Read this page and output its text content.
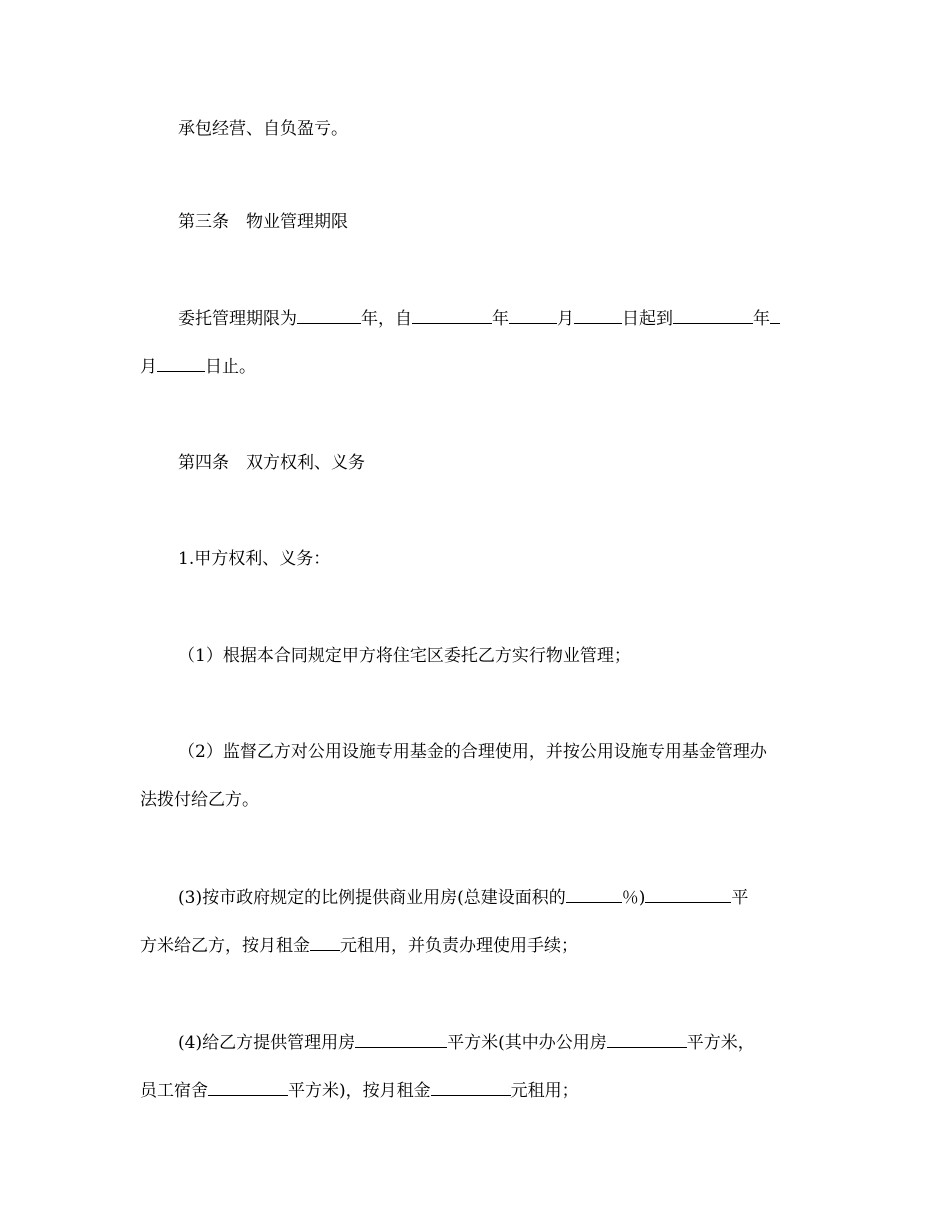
承包经营、自负盈亏。
第三条　物业管理期限
委托管理期限为	年，自	年	月	日起到	年
月	日止。
第四条　双方权利、义务
1.甲方权利、义务：
（1）根据本合同规定甲方将住宅区委托乙方实行物业管理；
（2）监督乙方对公用设施专用基金的合理使用，并按公用设施专用基金管理办
法拨付给乙方。
(3)按市政府规定的比例提供商业用房(总建设面积的	％)	平
方米给乙方，按月租金 元租用，并负责办理使用手续；
(4)给乙方提供管理用房	平方米(其中办公用房	平方米，
员工宿舍	平方米)，按月租金	元租用；
